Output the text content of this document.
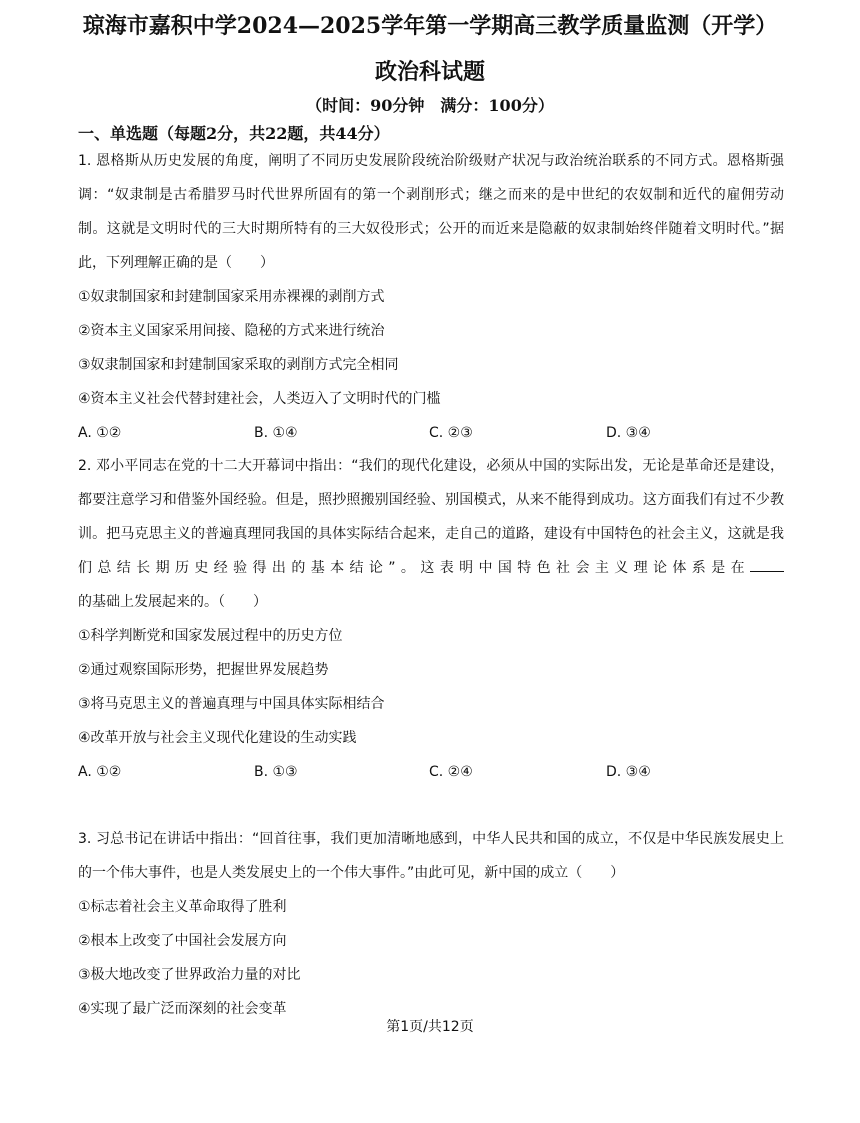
琼海市嘉积中学2024—2025学年第一学期高三教学质量监测（开学）
政治科试题
（时间：90分钟　满分：100分）
一、单选题（每题2分，共22题，共44分）

1. 恩格斯从历史发展的角度，阐明了不同历史发展阶段统治阶级财产状况与政治统治联系的不同方式。恩格斯强调：“奴隶制是古希腊罗马时代世界所固有的第一个剥削形式；继之而来的是中世纪的农奴制和近代的雇佣劳动制。这就是文明时代的三大时期所特有的三大奴役形式；公开的而近来是隐蔽的奴隶制始终伴随着文明时代。”据此，下列理解正确的是（　　）

①奴隶制国家和封建制国家采用赤裸裸的剥削方式

②资本主义国家采用间接、隐秘的方式来进行统治

③奴隶制国家和封建制国家采取的剥削方式完全相同

④资本主义社会代替封建社会，人类迈入了文明时代的门槛

A. ①②	B. ①④	C. ②③	D. ③④

2. 邓小平同志在党的十二大开幕词中指出：“我们的现代化建设，必须从中国的实际出发，无论是革命还是建设，都要注意学习和借鉴外国经验。但是，照抄照搬别国经验、别国模式，从来不能得到成功。这方面我们有过不少教训。把马克思主义的普遍真理同我国的具体实际结合起来，走自己的道路，建设有中国特色的社会主义，这就是我们总结长期历史经验得出的基本结论”。这表明中国特色社会主义理论体系是在的基础上发展起来的。（　　）

①科学判断党和国家发展过程中的历史方位

②通过观察国际形势，把握世界发展趋势

③将马克思主义的普遍真理与中国具体实际相结合

④改革开放与社会主义现代化建设的生动实践

A. ①②	B. ①③	C. ②④	D. ③④

3. 习总书记在讲话中指出：“回首往事，我们更加清晰地感到，中华人民共和国的成立，不仅是中华民族发展史上的一个伟大事件，也是人类发展史上的一个伟大事件。”由此可见，新中国的成立（　　）

①标志着社会主义革命取得了胜利

②根本上改变了中国社会发展方向

③极大地改变了世界政治力量的对比

④实现了最广泛而深刻的社会变革

第1页/共12页
